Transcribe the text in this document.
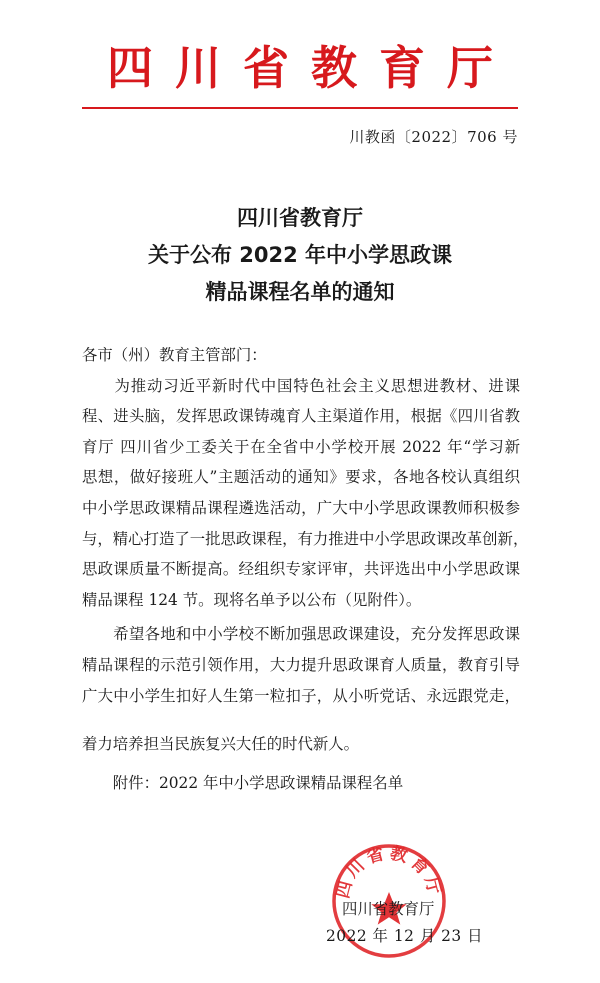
四川省教育厅
川教函〔2022〕706 号
四川省教育厅
关于公布 2022 年中小学思政课
精品课程名单的通知
各市（州）教育主管部门：
　　为推动习近平新时代中国特色社会主义思想进教材、进课
程、进头脑，发挥思政课铸魂育人主渠道作用，根据《四川省教
育厅 四川省少工委关于在全省中小学校开展 2022 年“学习新
思想，做好接班人”主题活动的通知》要求，各地各校认真组织
中小学思政课精品课程遴选活动，广大中小学思政课教师积极参
与，精心打造了一批思政课程，有力推进中小学思政课改革创新，
思政课质量不断提高。经组织专家评审，共评选出中小学思政课
精品课程 124 节。现将名单予以公布（见附件）。
　　希望各地和中小学校不断加强思政课建设，充分发挥思政课
精品课程的示范引领作用，大力提升思政课育人质量，教育引导
广大中小学生扣好人生第一粒扣子，从小听党话、永远跟党走，
着力培养担当民族复兴大任的时代新人。
　　附件：2022 年中小学思政课精品课程名单
四川省教育厅
四川省教育厅
2022 年 12 月 23 日
